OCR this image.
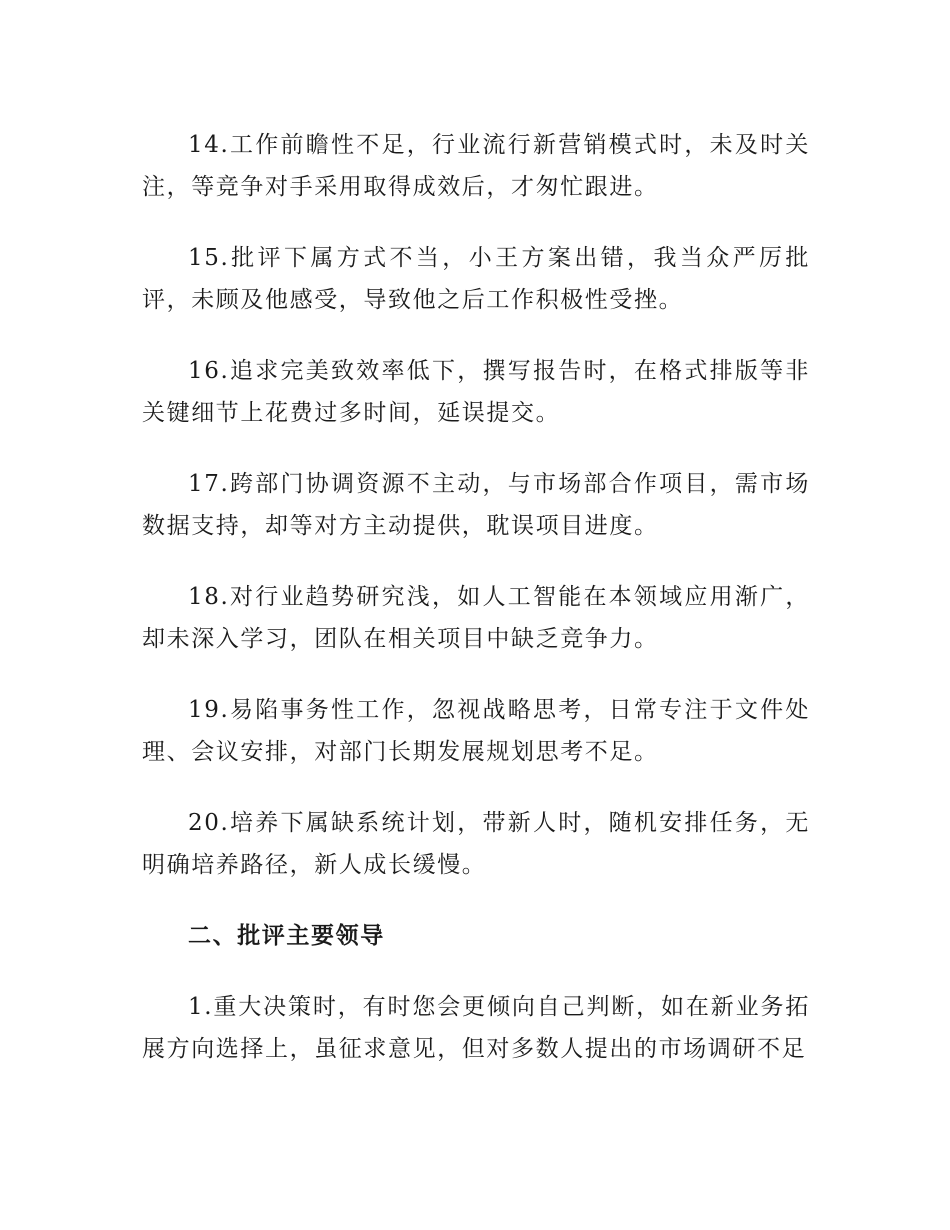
14.工作前瞻性不足，行业流行新营销模式时，未及时关注，等竞争对手采用取得成效后，才匆忙跟进。

15.批评下属方式不当，小王方案出错，我当众严厉批评，未顾及他感受，导致他之后工作积极性受挫。

16.追求完美致效率低下，撰写报告时，在格式排版等非关键细节上花费过多时间，延误提交。

17.跨部门协调资源不主动，与市场部合作项目，需市场数据支持，却等对方主动提供，耽误项目进度。

18.对行业趋势研究浅，如人工智能在本领域应用渐广，却未深入学习，团队在相关项目中缺乏竞争力。

19.易陷事务性工作，忽视战略思考，日常专注于文件处理、会议安排，对部门长期发展规划思考不足。

20.培养下属缺系统计划，带新人时，随机安排任务，无明确培养路径，新人成长缓慢。

二、批评主要领导

1.重大决策时，有时您会更倾向自己判断，如在新业务拓展方向选择上，虽征求意见，但对多数人提出的市场调研不足
